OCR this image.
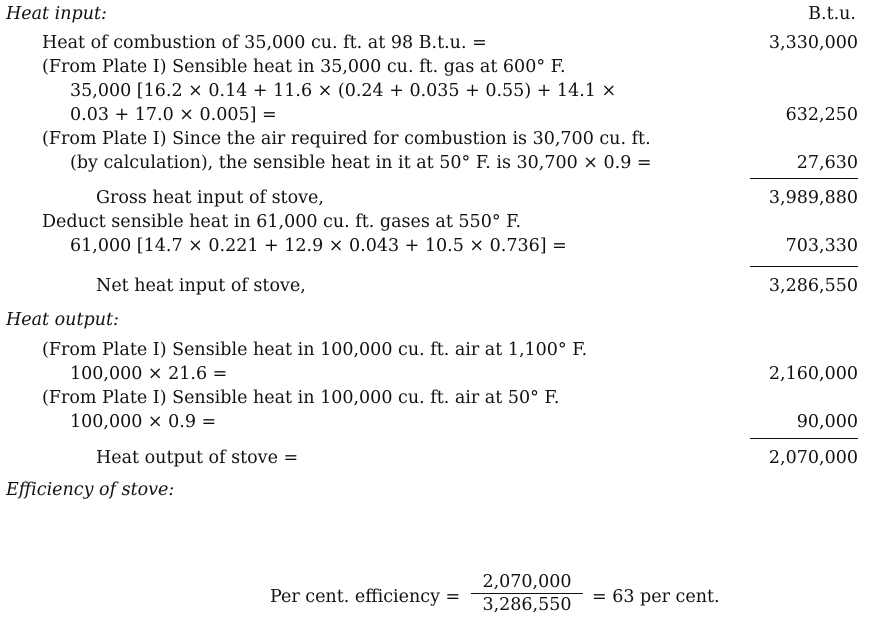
Heat input:	B.t.u.
Heat of combustion of 35,000 cu. ft. at 98 B.t.u. =	3,330,000
(From Plate I) Sensible heat in 35,000 cu. ft. gas at 600° F.
35,000 [16.2 × 0.14 + 11.6 × (0.24 + 0.035 + 0.55) + 14.1 ×
0.03 + 17.0 × 0.005] =	632,250
(From Plate I) Since the air required for combustion is 30,700 cu. ft.
(by calculation), the sensible heat in it at 50° F. is 30,700 × 0.9 =	27,630
Gross heat input of stove,	3,989,880
Deduct sensible heat in 61,000 cu. ft. gases at 550° F.
61,000 [14.7 × 0.221 + 12.9 × 0.043 + 10.5 × 0.736] =	703,330
Net heat input of stove,	3,286,550
Heat output:
(From Plate I) Sensible heat in 100,000 cu. ft. air at 1,100° F.
100,000 × 21.6 =	2,160,000
(From Plate I) Sensible heat in 100,000 cu. ft. air at 50° F.
100,000 × 0.9 =	90,000
Heat output of stove =	2,070,000
Efficiency of stove:
Per cent. efficiency =
2,070,000
3,286,550	= 63 per cent.
